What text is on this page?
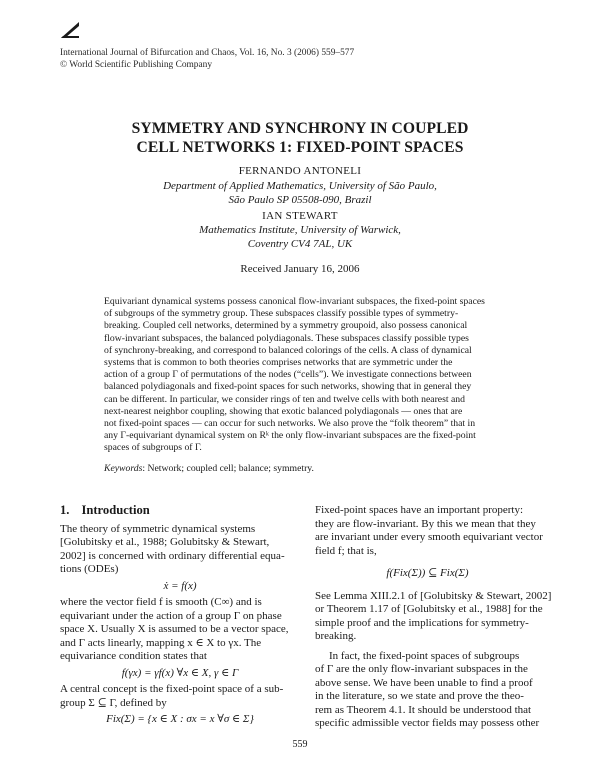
International Journal of Bifurcation and Chaos, Vol. 16, No. 3 (2006) 559–577
© World Scientific Publishing Company
SYMMETRY AND SYNCHRONY IN COUPLED
CELL NETWORKS 1: FIXED-POINT SPACES
FERNANDO ANTONELI
Department of Applied Mathematics, University of São Paulo,
São Paulo SP 05508-090, Brazil
IAN STEWART
Mathematics Institute, University of Warwick,
Coventry CV4 7AL, UK
Received January 16, 2006
Equivariant dynamical systems possess canonical flow-invariant subspaces, the fixed-point spaces
of subgroups of the symmetry group. These subspaces classify possible types of symmetry-
breaking. Coupled cell networks, determined by a symmetry groupoid, also possess canonical
flow-invariant subspaces, the balanced polydiagonals. These subspaces classify possible types
of synchrony-breaking, and correspond to balanced colorings of the cells. A class of dynamical
systems that is common to both theories comprises networks that are symmetric under the
action of a group Γ of permutations of the nodes (“cells”). We investigate connections between
balanced polydiagonals and fixed-point spaces for such networks, showing that in general they
can be different. In particular, we consider rings of ten and twelve cells with both nearest and
next-nearest neighbor coupling, showing that exotic balanced polydiagonals — ones that are
not fixed-point spaces — can occur for such networks. We also prove the “folk theorem” that in
any Γ-equivariant dynamical system on Rᵏ the only flow-invariant subspaces are the fixed-point
spaces of subgroups of Γ.
Keywords: Network; coupled cell; balance; symmetry.
1. Introduction
The theory of symmetric dynamical systems
[Golubitsky et al., 1988; Golubitsky & Stewart,
2002] is concerned with ordinary differential equa-
tions (ODEs)
ẋ = f(x)
where the vector field f is smooth (C∞) and is
equivariant under the action of a group Γ on phase
space X. Usually X is assumed to be a vector space,
and Γ acts linearly, mapping x ∈ X to γx. The
equivariance condition states that
f(γx) = γf(x) ∀x ∈ X, γ ∈ Γ
A central concept is the fixed-point space of a sub-
group Σ ⊆ Γ, defined by
Fix(Σ) = {x ∈ X : σx = x ∀σ ∈ Σ}
Fixed-point spaces have an important property:
they are flow-invariant. By this we mean that they
are invariant under every smooth equivariant vector
field f; that is,
f(Fix(Σ)) ⊆ Fix(Σ)
See Lemma XIII.2.1 of [Golubitsky & Stewart, 2002]
or Theorem 1.17 of [Golubitsky et al., 1988] for the
simple proof and the implications for symmetry-
breaking.
In fact, the fixed-point spaces of subgroups
of Γ are the only flow-invariant subspaces in the
above sense. We have been unable to find a proof
in the literature, so we state and prove the theo-
rem as Theorem 4.1. It should be understood that
specific admissible vector fields may possess other
559
